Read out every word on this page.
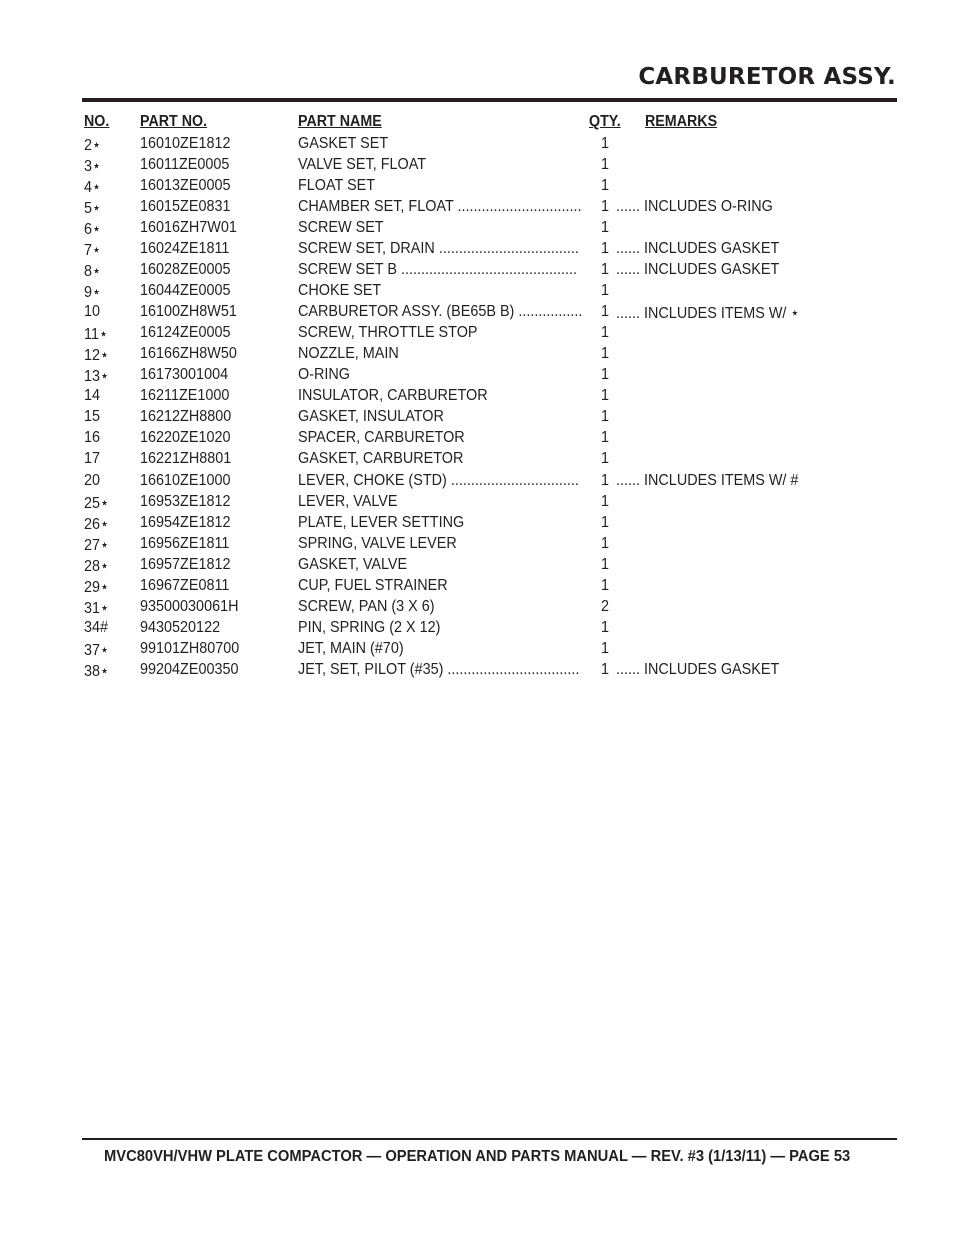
CARBURETOR ASSY.
NO. PART NO.	PART NAME	QTY. REMARKS
2⋆ 16010ZE1812	GASKET SET	1
3⋆ 16011ZE0005	VALVE SET, FLOAT	1
4⋆ 16013ZE0005	FLOAT SET	1
5⋆ 16015ZE0831	CHAMBER SET, FLOAT ............................... 1 ...... INCLUDES O-RING
6⋆ 16016ZH7W01	SCREW SET	1
7⋆ 16024ZE1811	SCREW SET, DRAIN ................................... 1 ...... INCLUDES GASKET
8⋆ 16028ZE0005	SCREW SET B ............................................ 1 ...... INCLUDES GASKET
9⋆ 16044ZE0005	CHOKE SET	1
10 16100ZH8W51	CARBURETOR ASSY. (BE65B B) ................ 1 ...... INCLUDES ITEMS W/ ⋆
11⋆ 16124ZE0005	SCREW, THROTTLE STOP	1
12⋆ 16166ZH8W50	NOZZLE, MAIN	1
13⋆ 16173001004	O-RING	1
14 16211ZE1000	INSULATOR, CARBURETOR	1
15 16212ZH8800	GASKET, INSULATOR	1
16 16220ZE1020	SPACER, CARBURETOR	1
17 16221ZH8801	GASKET, CARBURETOR	1
20 16610ZE1000	LEVER, CHOKE (STD) ................................ 1 ...... INCLUDES ITEMS W/ #
25⋆ 16953ZE1812	LEVER, VALVE	1
26⋆ 16954ZE1812	PLATE, LEVER SETTING	1
27⋆ 16956ZE1811	SPRING, VALVE LEVER	1
28⋆ 16957ZE1812	GASKET, VALVE	1
29⋆ 16967ZE0811	CUP, FUEL STRAINER	1
31⋆ 93500030061H	SCREW, PAN (3 X 6)	2
34# 9430520122	PIN, SPRING (2 X 12)	1
37⋆ 99101ZH80700	JET, MAIN (#70)	1
38⋆ 99204ZE00350	JET, SET, PILOT (#35) ................................. 1 ...... INCLUDES GASKET
MVC80VH/VHW PLATE COMPACTOR — OPERATION AND PARTS MANUAL — REV. #3 (1/13/11) — PAGE 53
